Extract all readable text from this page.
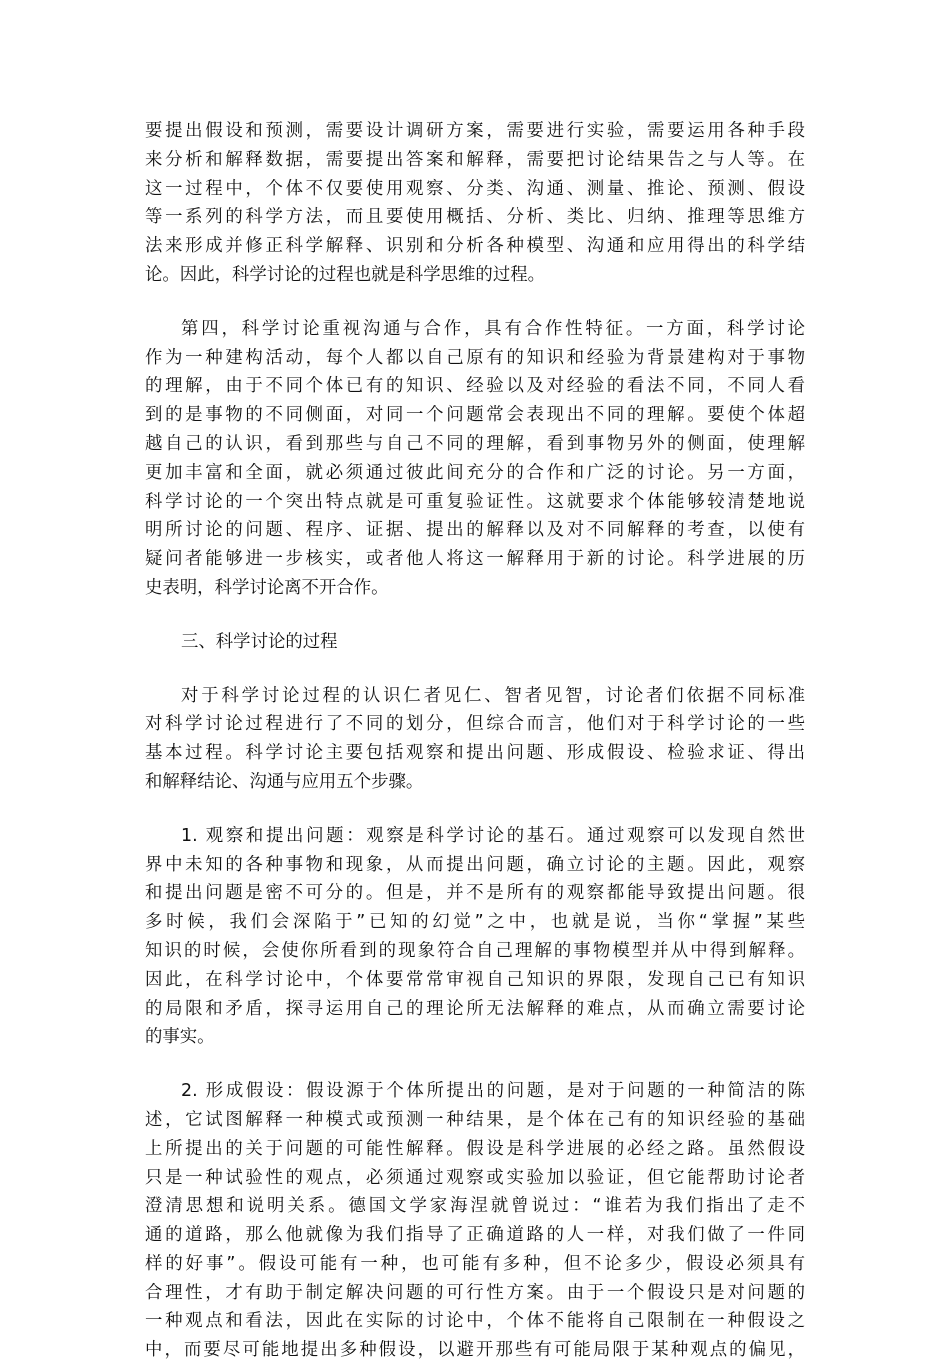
要提出假设和预测，需要设计调研方案，需要进行实验，需要运用各种手段
来分析和解释数据，需要提出答案和解释，需要把讨论结果告之与人等。在
这一过程中，个体不仅要使用观察、分类、沟通、测量、推论、预测、假设
等一系列的科学方法，而且要使用概括、分析、类比、归纳、推理等思维方
法来形成并修正科学解释、识别和分析各种模型、沟通和应用得出的科学结
论。因此，科学讨论的过程也就是科学思维的过程。
第四，科学讨论重视沟通与合作，具有合作性特征。一方面，科学讨论
作为一种建构活动，每个人都以自己原有的知识和经验为背景建构对于事物
的理解，由于不同个体已有的知识、经验以及对经验的看法不同，不同人看
到的是事物的不同侧面，对同一个问题常会表现出不同的理解。要使个体超
越自己的认识，看到那些与自己不同的理解，看到事物另外的侧面，使理解
更加丰富和全面，就必须通过彼此间充分的合作和广泛的讨论。另一方面，
科学讨论的一个突出特点就是可重复验证性。这就要求个体能够较清楚地说
明所讨论的问题、程序、证据、提出的解释以及对不同解释的考查，以使有
疑问者能够进一步核实，或者他人将这一解释用于新的讨论。科学进展的历
史表明，科学讨论离不开合作。
三、科学讨论的过程
对于科学讨论过程的认识仁者见仁、智者见智，讨论者们依据不同标准
对科学讨论过程进行了不同的划分，但综合而言，他们对于科学讨论的一些
基本过程。科学讨论主要包括观察和提出问题、形成假设、检验求证、得出
和解释结论、沟通与应用五个步骤。
1. 观察和提出问题：观察是科学讨论的基石。通过观察可以发现自然世
界中未知的各种事物和现象，从而提出问题，确立讨论的主题。因此，观察
和提出问题是密不可分的。但是，并不是所有的观察都能导致提出问题。很
多时候，我们会深陷于”已知的幻觉”之中，也就是说，当你“掌握”某些
知识的时候，会使你所看到的现象符合自己理解的事物模型并从中得到解释。
因此，在科学讨论中，个体要常常审视自己知识的界限，发现自己已有知识
的局限和矛盾，探寻运用自己的理论所无法解释的难点，从而确立需要讨论
的事实。
2. 形成假设：假设源于个体所提出的问题，是对于问题的一种简洁的陈
述，它试图解释一种模式或预测一种结果，是个体在己有的知识经验的基础
上所提出的关于问题的可能性解释。假设是科学进展的必经之路。虽然假设
只是一种试验性的观点，必须通过观察或实验加以验证，但它能帮助讨论者
澄清思想和说明关系。德国文学家海涅就曾说过：“谁若为我们指出了走不
通的道路，那么他就像为我们指导了正确道路的人一样，对我们做了一件同
样的好事”。假设可能有一种，也可能有多种，但不论多少，假设必须具有
合理性，才有助于制定解决问题的可行性方案。由于一个假设只是对问题的
一种观点和看法，因此在实际的讨论中，个体不能将自己限制在一种假设之
中，而要尽可能地提出多种假设，以避开那些有可能局限于某种观点的偏见，
